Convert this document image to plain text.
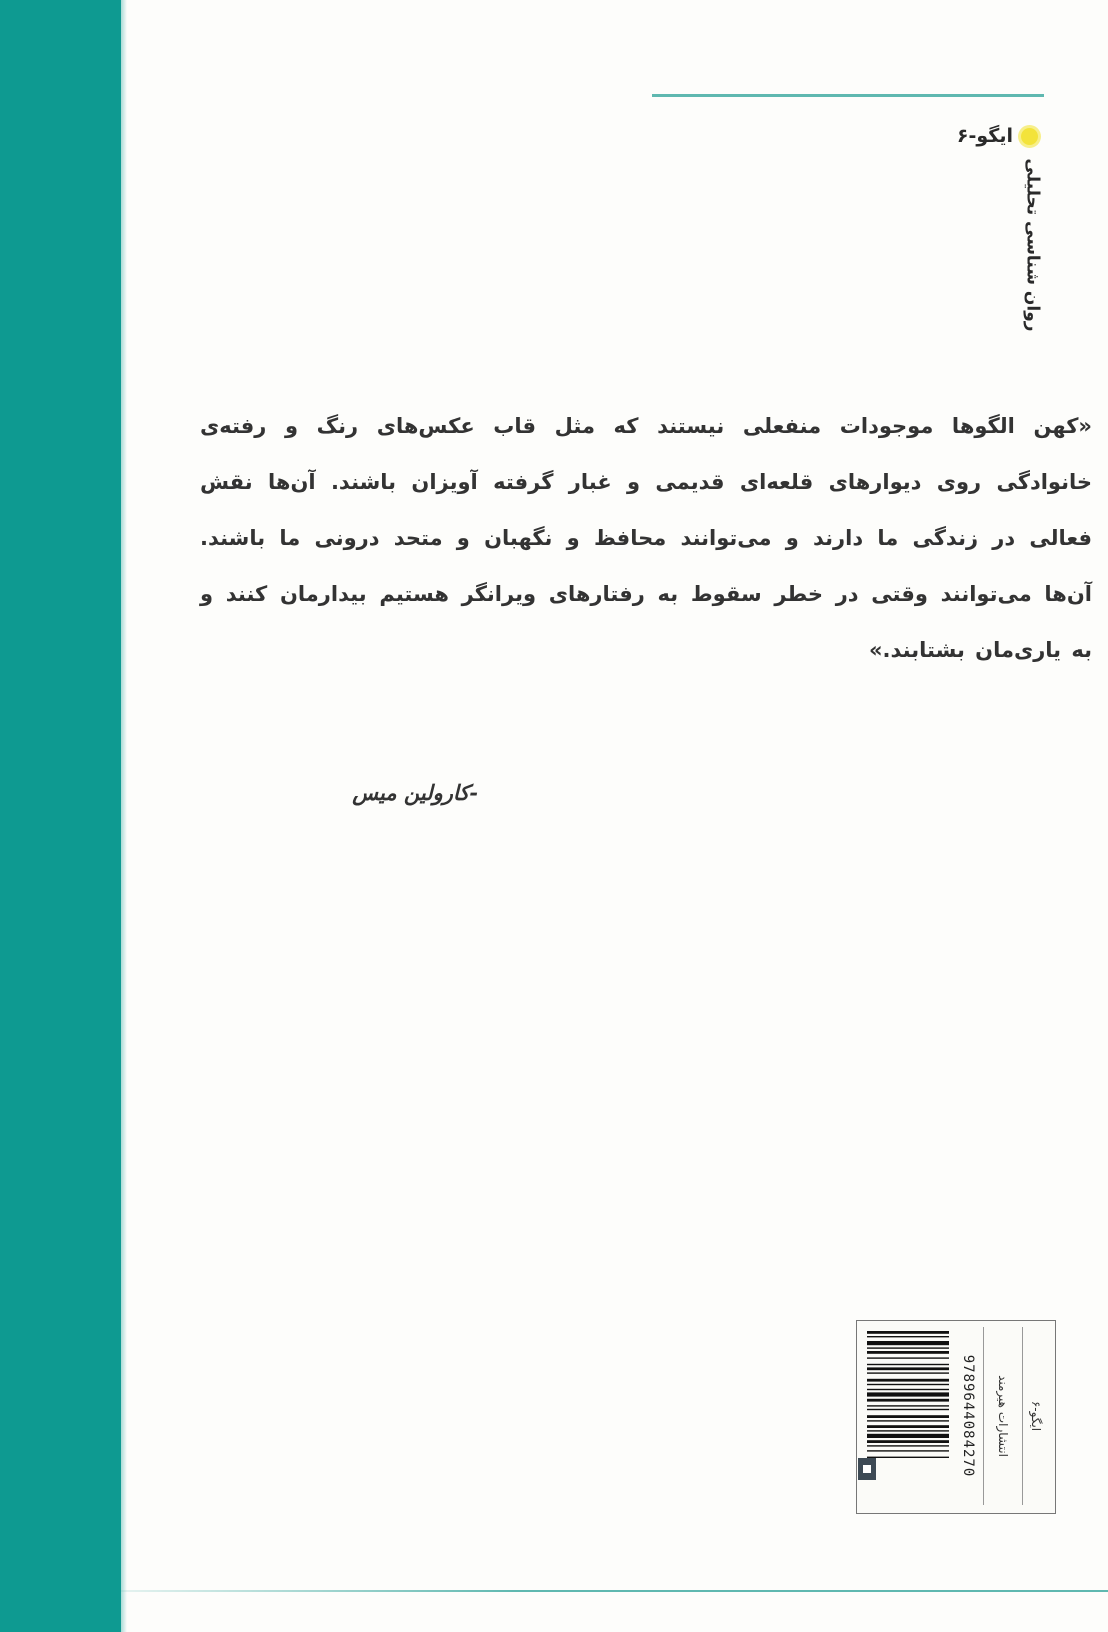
ایگو-۶
روان شناسی تحلیلی
«کهن الگوها موجودات منفعلی نیستند که مثل قاب عکس‌های رنگ و رفته‌ی خانوادگی روی دیوارهای قلعه‌ای قدیمی و غبار گرفته آویزان باشند. آن‌ها نقش فعالی در زندگی ما دارند و می‌توانند محافظ و نگهبان و متحد درونی ما باشند. آن‌ها می‌توانند وقتی در خطر سقوط به رفتارهای ویرانگر هستیم بیدارمان کنند و به یاری‌مان بشتابند.»
-کارولین میس
9789644084270 انتشارات هیرمند ایگو-۶
